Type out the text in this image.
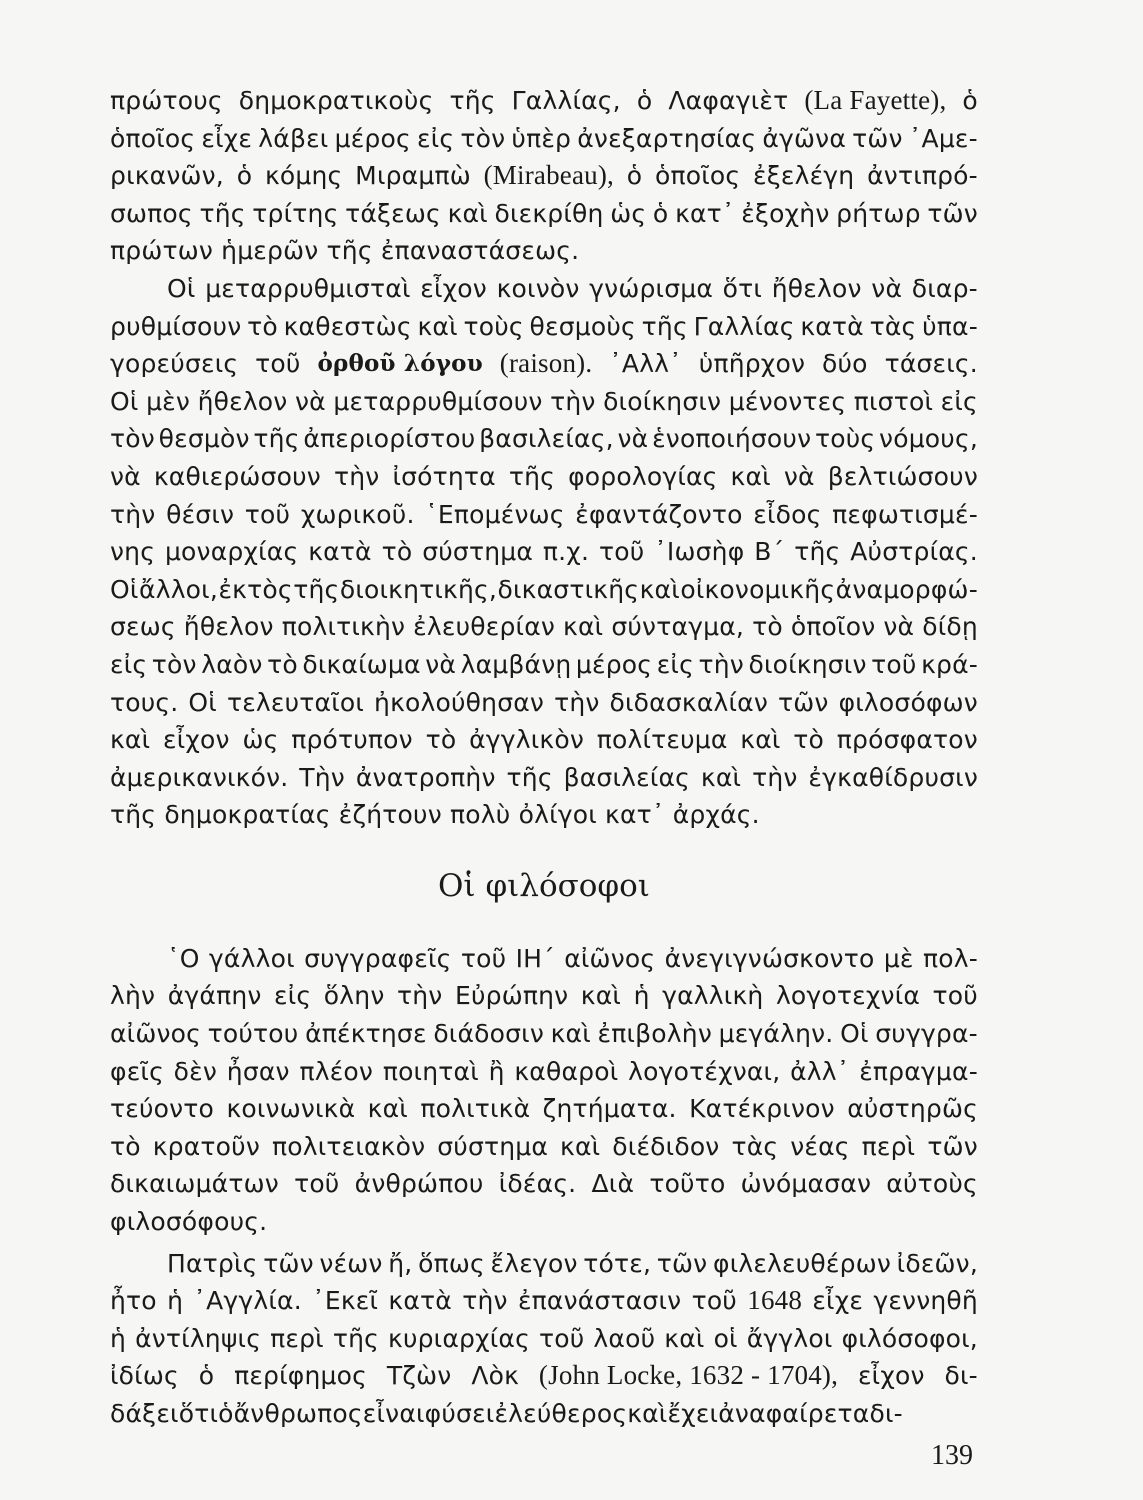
πρώτους δημοκρατικοὺς τῆς Γαλλίας, ὁ Λαφαγιὲτ (La Fayette), ὁ
ὁποῖος εἶχε λάβει μέρος εἰς τὸν ὑπὲρ ἀνεξαρτησίας ἀγῶνα τῶν ᾿Αμε-
ρικανῶν, ὁ κόμης Μιραμπὼ (Mirabeau), ὁ ὁποῖος ἐξελέγη ἀντιπρό-
σωπος τῆς τρίτης τάξεως καὶ διεκρίθη ὡς ὁ κατ᾿ ἐξοχὴν ρήτωρ τῶν
πρώτων ἡμερῶν τῆς ἐπαναστάσεως.
Οἱ μεταρρυθμισταὶ εἶχον κοινὸν γνώρισμα ὅτι ἤθελον νὰ διαρ-
ρυθμίσουν τὸ καθεστὼς καὶ τοὺς θεσμοὺς τῆς Γαλλίας κατὰ τὰς ὑπα-
γορεύσεις τοῦ ὀρθοῦ λόγου (raison). ᾿Αλλ᾿ ὑπῆρχον δύο τάσεις.
Οἱ μὲν ἤθελον νὰ μεταρρυθμίσουν τὴν διοίκησιν μένοντες πιστοὶ εἰς
τὸν θεσμὸν τῆς ἀπεριορίστου βασιλείας, νὰ ἑνοποιήσουν τοὺς νόμους,
νὰ καθιερώσουν τὴν ἰσότητα τῆς φορολογίας καὶ νὰ βελτιώσουν
τὴν θέσιν τοῦ χωρικοῦ. ῾Επομένως ἐφαντάζοντο εἶδος πεφωτισμέ-
νης μοναρχίας κατὰ τὸ σύστημα π.χ. τοῦ ᾿Ιωσὴφ Β΄ τῆς Αὐστρίας.
Οἱ ἄλλοι, ἐκτὸς τῆς διοικητικῆς, δικαστικῆς καὶ οἰκονομικῆς ἀναμορφώ-
σεως ἤθελον πολιτικὴν ἐλευθερίαν καὶ σύνταγμα, τὸ ὁποῖον νὰ δίδῃ
εἰς τὸν λαὸν τὸ δικαίωμα νὰ λαμβάνῃ μέρος εἰς τὴν διοίκησιν τοῦ κρά-
τους. Οἱ τελευταῖοι ἠκολούθησαν τὴν διδασκαλίαν τῶν φιλοσόφων
καὶ εἶχον ὡς πρότυπον τὸ ἀγγλικὸν πολίτευμα καὶ τὸ πρόσφατον
ἀμερικανικόν. Τὴν ἀνατροπὴν τῆς βασιλείας καὶ τὴν ἐγκαθίδρυσιν
τῆς δημοκρατίας ἐζήτουν πολὺ ὀλίγοι κατ᾿ ἀρχάς.
Οἱ φιλόσοφοι
῾Ο γάλλοι συγγραφεῖς τοῦ ΙΗ΄ αἰῶνος ἀνεγιγνώσκοντο μὲ πολ-
λὴν ἀγάπην εἰς ὅλην τὴν Εὐρώπην καὶ ἡ γαλλικὴ λογοτεχνία τοῦ
αἰῶνος τούτου ἀπέκτησε διάδοσιν καὶ ἐπιβολὴν μεγάλην. Οἱ συγγρα-
φεῖς δὲν ἦσαν πλέον ποιηταὶ ἢ καθαροὶ λογοτέχναι, ἀλλ᾿ ἐπραγμα-
τεύοντο κοινωνικὰ καὶ πολιτικὰ ζητήματα. Κατέκρινον αὐστηρῶς
τὸ κρατοῦν πολιτειακὸν σύστημα καὶ διέδιδον τὰς νέας περὶ τῶν
δικαιωμάτων τοῦ ἀνθρώπου ἰδέας. Διὰ τοῦτο ὠνόμασαν αὐτοὺς
φιλοσόφους.
Πατρὶς τῶν νέων ἤ, ὅπως ἔλεγον τότε, τῶν φιλελευθέρων ἰδεῶν,
ἦτο ἡ ᾿Αγγλία. ᾿Εκεῖ κατὰ τὴν ἐπανάστασιν τοῦ 1648 εἶχε γεννηθῆ
ἡ ἀντίληψις περὶ τῆς κυριαρχίας τοῦ λαοῦ καὶ οἱ ἄγγλοι φιλόσοφοι,
ἰδίως ὁ περίφημος Τζὼν Λὸκ (John Locke, 1632 - 1704), εἶχον δι-
δάξει ὅτι ὁ ἄνθρωπος εἶναι φύσει ἐλεύθερος καὶ ἔχει ἀναφαίρετα δι-
139
